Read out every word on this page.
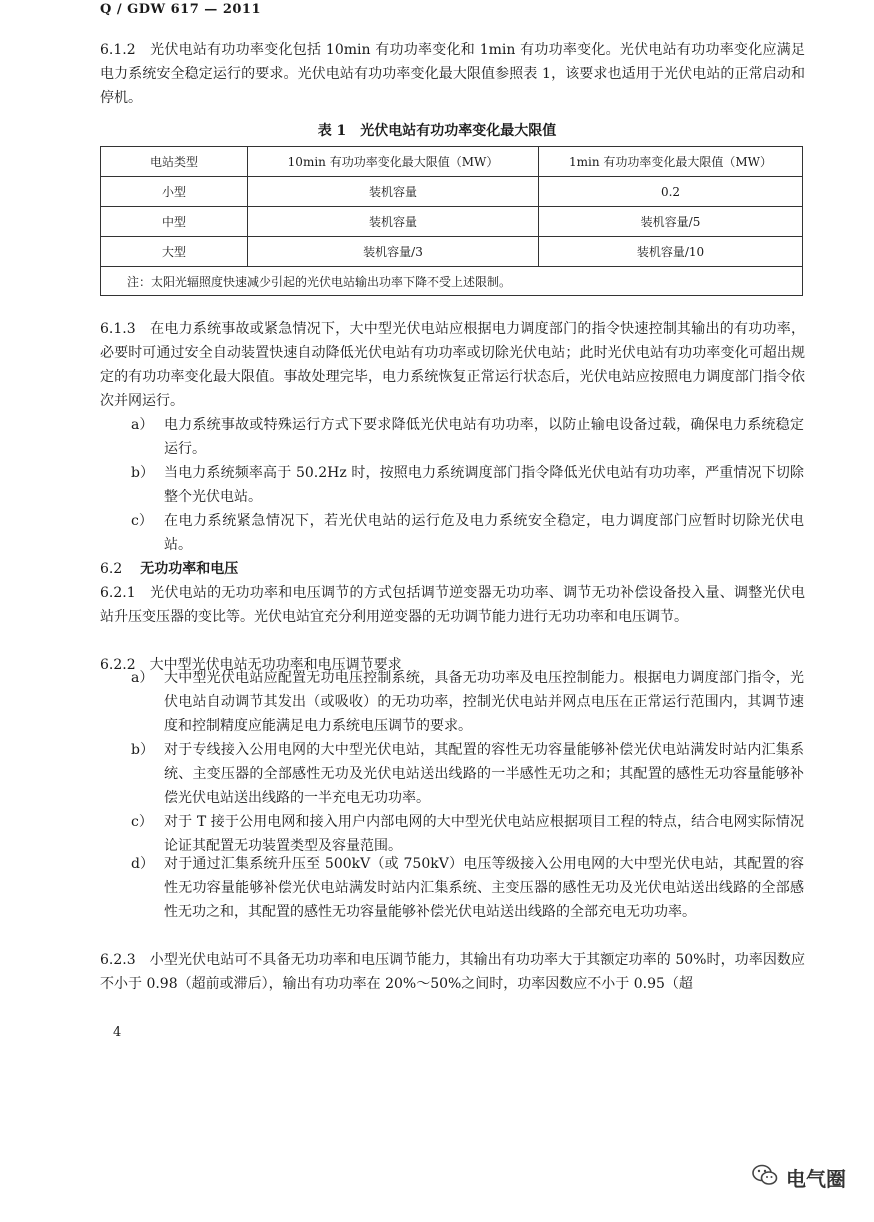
Q / GDW 617 — 2011
6.1.2　光伏电站有功功率变化包括 10min 有功功率变化和 1min 有功功率变化。光伏电站有功功率变化应满足电力系统安全稳定运行的要求。光伏电站有功功率变化最大限值参照表 1，该要求也适用于光伏电站的正常启动和停机。
表 1　光伏电站有功功率变化最大限值
电站类型	10min 有功功率变化最大限值（MW）	1min 有功功率变化最大限值（MW）
小型	装机容量	0.2
中型	装机容量	装机容量/5
大型	装机容量/3	装机容量/10
注：太阳光辐照度快速减少引起的光伏电站输出功率下降不受上述限制。		
6.1.3　在电力系统事故或紧急情况下，大中型光伏电站应根据电力调度部门的指令快速控制其输出的有功功率，必要时可通过安全自动装置快速自动降低光伏电站有功功率或切除光伏电站；此时光伏电站有功功率变化可超出规定的有功功率变化最大限值。事故处理完毕，电力系统恢复正常运行状态后，光伏电站应按照电力调度部门指令依次并网运行。
a） 电力系统事故或特殊运行方式下要求降低光伏电站有功功率，以防止输电设备过载，确保电力系统稳定运行。
b） 当电力系统频率高于 50.2Hz 时，按照电力系统调度部门指令降低光伏电站有功功率，严重情况下切除整个光伏电站。
c） 在电力系统紧急情况下，若光伏电站的运行危及电力系统安全稳定，电力调度部门应暂时切除光伏电站。
6.2 无功功率和电压
6.2.1　光伏电站的无功功率和电压调节的方式包括调节逆变器无功功率、调节无功补偿设备投入量、调整光伏电站升压变压器的变比等。光伏电站宜充分利用逆变器的无功调节能力进行无功功率和电压调节。
6.2.2　大中型光伏电站无功功率和电压调节要求
a） 大中型光伏电站应配置无功电压控制系统，具备无功功率及电压控制能力。根据电力调度部门指令，光伏电站自动调节其发出（或吸收）的无功功率，控制光伏电站并网点电压在正常运行范围内，其调节速度和控制精度应能满足电力系统电压调节的要求。
b） 对于专线接入公用电网的大中型光伏电站，其配置的容性无功容量能够补偿光伏电站满发时站内汇集系统、主变压器的全部感性无功及光伏电站送出线路的一半感性无功之和；其配置的感性无功容量能够补偿光伏电站送出线路的一半充电无功功率。
c） 对于 T 接于公用电网和接入用户内部电网的大中型光伏电站应根据项目工程的特点，结合电网实际情况论证其配置无功装置类型及容量范围。
d） 对于通过汇集系统升压至 500kV（或 750kV）电压等级接入公用电网的大中型光伏电站，其配置的容性无功容量能够补偿光伏电站满发时站内汇集系统、主变压器的感性无功及光伏电站送出线路的全部感性无功之和，其配置的感性无功容量能够补偿光伏电站送出线路的全部充电无功功率。
6.2.3　小型光伏电站可不具备无功功率和电压调节能力，其输出有功功率大于其额定功率的 50%时，功率因数应不小于 0.98（超前或滞后），输出有功功率在 20%～50%之间时，功率因数应不小于 0.95（超
4
电气圈
